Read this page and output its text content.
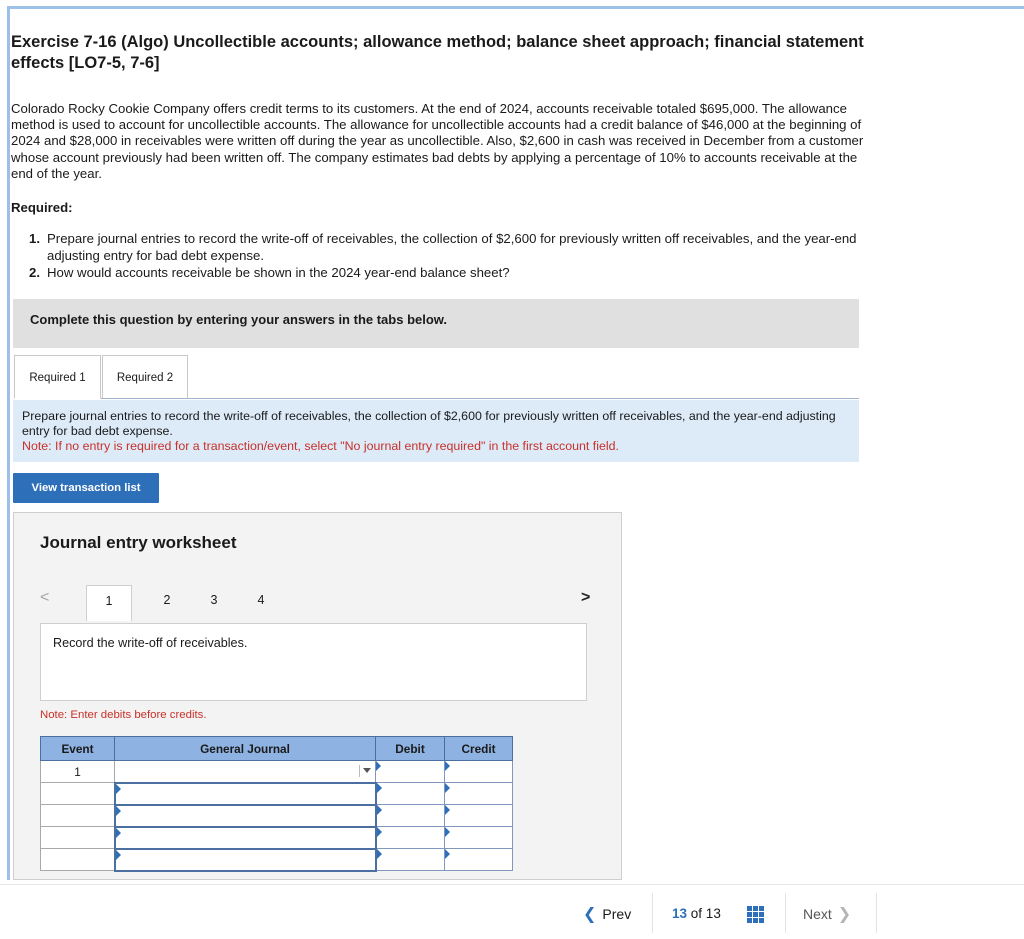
Exercise 7-16 (Algo) Uncollectible accounts; allowance method; balance sheet approach; financial statement effects [LO7-5, 7-6]

Colorado Rocky Cookie Company offers credit terms to its customers. At the end of 2024, accounts receivable totaled $695,000. The allowance method is used to account for uncollectible accounts. The allowance for uncollectible accounts had a credit balance of $46,000 at the beginning of 2024 and $28,000 in receivables were written off during the year as uncollectible. Also, $2,600 in cash was received in December from a customer whose account previously had been written off. The company estimates bad debts by applying a percentage of 10% to accounts receivable at the end of the year.

Required:
1. Prepare journal entries to record the write-off of receivables, the collection of $2,600 for previously written off receivables, and the year-end adjusting entry for bad debt expense.
2. How would accounts receivable be shown in the 2024 year-end balance sheet?
Complete this question by entering your answers in the tabs below.
Required 1	Required 2
Prepare journal entries to record the write-off of receivables, the collection of $2,600 for previously written off receivables, and the year-end adjusting entry for bad debt expense.
Note: If no entry is required for a transaction/event, select "No journal entry required" in the first account field.
View transaction list
Journal entry worksheet
<	1	2	3	4	>
Record the write-off of receivables.
Note: Enter debits before credits.
Event	General Journal	Debit	Credit
1	

❮ Prev	13 of 13	Next ❯
